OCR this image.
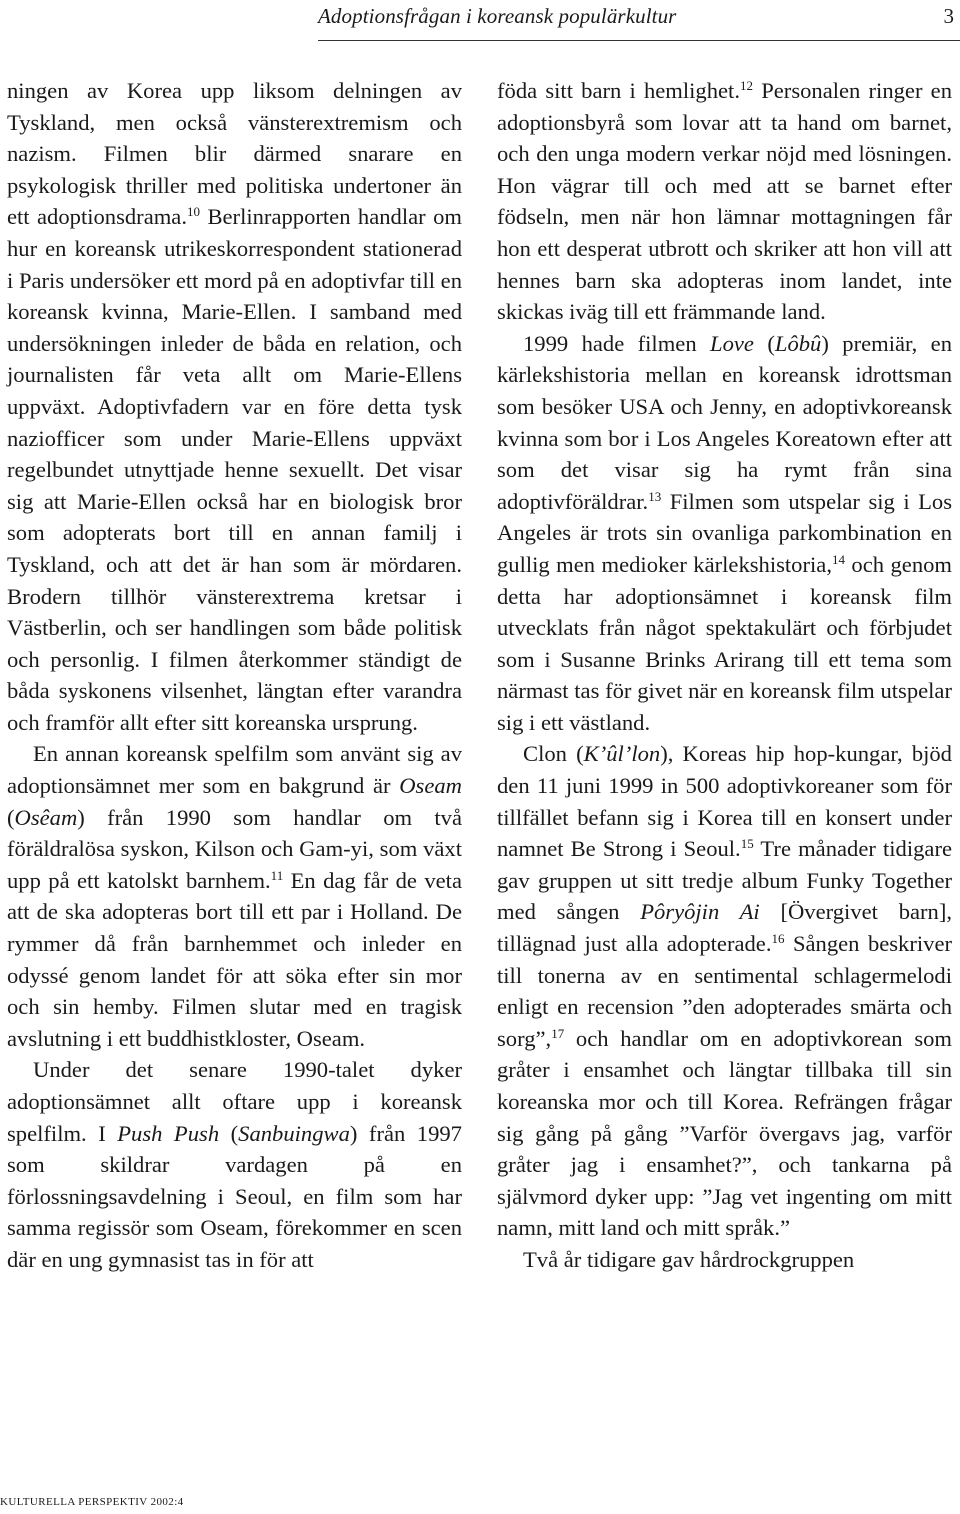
Adoptionsfrågan i koreansk populärkultur	3

ningen av Korea upp liksom delningen av Tyskland, men också vänsterextremism och nazism. Filmen blir därmed snarare en psykologisk thriller med politiska undertoner än ett adoptionsdrama.$^{10}$ Berlinrapporten handlar om hur en koreansk utrikeskorrespondent stationerad i Paris undersöker ett mord på en adoptivfar till en koreansk kvinna, Marie-Ellen. I samband med undersökningen inleder de båda en relation, och journalisten får veta allt om Marie-Ellens uppväxt. Adoptivfadern var en före detta tysk naziofficer som under Marie-Ellens uppväxt regelbundet utnyttjade henne sexuellt. Det visar sig att Marie-Ellen också har en biologisk bror som adopterats bort till en annan familj i Tyskland, och att det är han som är mördaren. Brodern tillhör vänsterextrema kretsar i Västberlin, och ser handlingen som både politisk och personlig. I filmen återkommer ständigt de båda syskonens vilsenhet, längtan efter varandra och framför allt efter sitt koreanska ursprung.

En annan koreansk spelfilm som använt sig av adoptionsämnet mer som en bakgrund är Oseam (Osêam) från 1990 som handlar om två föräldralösa syskon, Kilson och Gam-yi, som växt upp på ett katolskt barnhem.$^{11}$ En dag får de veta att de ska adopteras bort till ett par i Holland. De rymmer då från barnhemmet och inleder en odyssé genom landet för att söka efter sin mor och sin hemby. Filmen slutar med en tragisk avslutning i ett buddhistkloster, Oseam.

Under det senare 1990-talet dyker adoptionsämnet allt oftare upp i koreansk spelfilm. I Push Push (Sanbuingwa) från 1997 som skildrar vardagen på en förlossningsavdelning i Seoul, en film som har samma regissör som Oseam, förekommer en scen där en ung gymnasist tas in för att

föda sitt barn i hemlighet.$^{12}$ Personalen ringer en adoptionsbyrå som lovar att ta hand om barnet, och den unga modern verkar nöjd med lösningen. Hon vägrar till och med att se barnet efter födseln, men när hon lämnar mottagningen får hon ett desperat utbrott och skriker att hon vill att hennes barn ska adopteras inom landet, inte skickas iväg till ett främmande land.

1999 hade filmen Love (Lôbû) premiär, en kärlekshistoria mellan en koreansk idrottsman som besöker USA och Jenny, en adoptivkoreansk kvinna som bor i Los Angeles Koreatown efter att som det visar sig ha rymt från sina adoptivföräldrar.$^{13}$ Filmen som utspelar sig i Los Angeles är trots sin ovanliga parkombination en gullig men medioker kärlekshistoria,$^{14}$ och genom detta har adoptionsämnet i koreansk film utvecklats från något spektakulärt och förbjudet som i Susanne Brinks Arirang till ett tema som närmast tas för givet när en koreansk film utspelar sig i ett västland.

Clon (K’ûl’lon), Koreas hip hop-kungar, bjöd den 11 juni 1999 in 500 adoptivkoreaner som för tillfället befann sig i Korea till en konsert under namnet Be Strong i Seoul.$^{15}$ Tre månader tidigare gav gruppen ut sitt tredje album Funky Together med sången Pôryôjin Ai [Övergivet barn], tillägnad just alla adopterade.$^{16}$ Sången beskriver till tonerna av en sentimental schlagermelodi enligt en recension ”den adopterades smärta och sorg”,$^{17}$ och handlar om en adoptivkorean som gråter i ensamhet och längtar tillbaka till sin koreanska mor och till Korea. Refrängen frågar sig gång på gång ”Varför övergavs jag, varför gråter jag i ensamhet?”, och tankarna på självmord dyker upp: ”Jag vet ingenting om mitt namn, mitt land och mitt språk.”

Två år tidigare gav hårdrockgruppen

KULTURELLA PERSPEKTIV 2002:4
